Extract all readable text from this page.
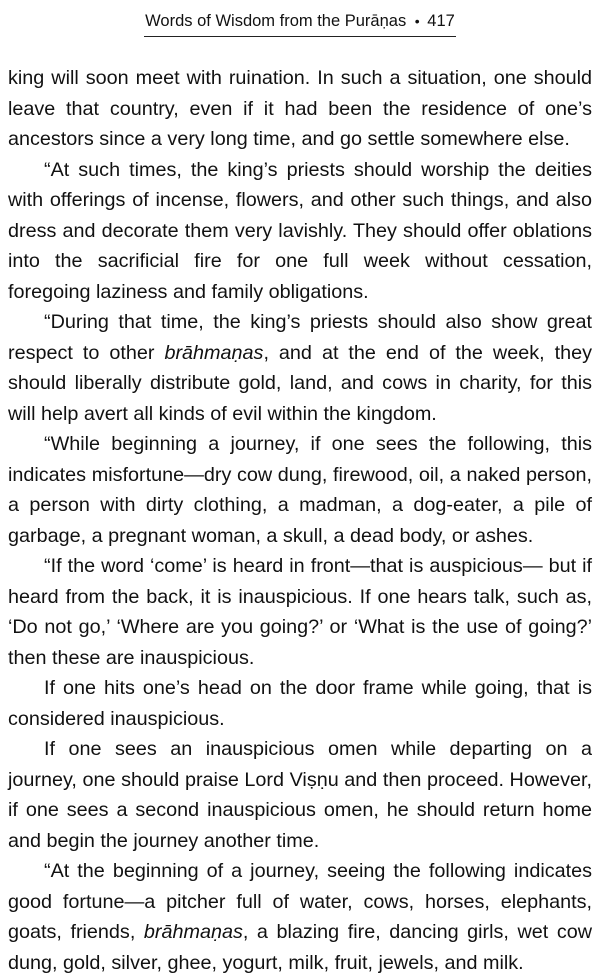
Words of Wisdom from the Purāṇas • 417

king will soon meet with ruination. In such a situation, one should leave that country, even if it had been the residence of one’s ancestors since a very long time, and go settle somewhere else.

“At such times, the king’s priests should worship the deities with offerings of incense, flowers, and other such things, and also dress and decorate them very lavishly. They should offer oblations into the sacrificial fire for one full week without cessation, foregoing laziness and family obligations.

“During that time, the king’s priests should also show great respect to other brāhmaṇas, and at the end of the week, they should liberally distribute gold, land, and cows in charity, for this will help avert all kinds of evil within the kingdom.

“While beginning a journey, if one sees the following, this indicates misfortune—dry cow dung, firewood, oil, a naked person, a person with dirty clothing, a madman, a dog-eater, a pile of garbage, a pregnant woman, a skull, a dead body, or ashes.

“If the word ‘come’ is heard in front—that is auspicious— but if heard from the back, it is inauspicious. If one hears talk, such as, ‘Do not go,’ ‘Where are you going?’ or ‘What is the use of going?’ then these are inauspicious.

If one hits one’s head on the door frame while going, that is considered inauspicious.

If one sees an inauspicious omen while departing on a journey, one should praise Lord Viṣṇu and then proceed. However, if one sees a second inauspicious omen, he should return home and begin the journey another time.

“At the beginning of a journey, seeing the following indicates good fortune—a pitcher full of water, cows, horses, elephants, goats, friends, brāhmaṇas, a blazing fire, dancing girls, wet cow dung, gold, silver, ghee, yogurt, milk, fruit, jewels, and milk.
